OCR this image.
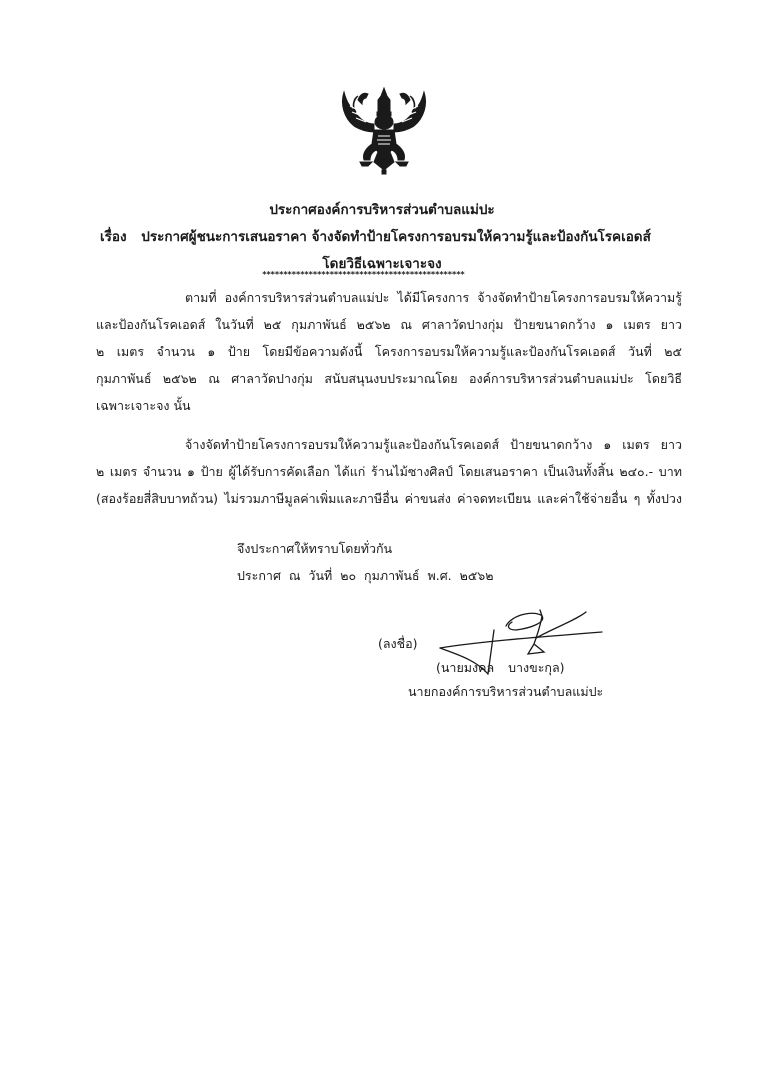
ประกาศองค์การบริหารส่วนตำบลแม่ปะ
เรื่อง ประกาศผู้ชนะการเสนอราคา จ้างจัดทำป้ายโครงการอบรมให้ความรู้และป้องกันโรคเอดส์
โดยวิธีเฉพาะเจาะจง
************************************************
ตามที่ องค์การบริหารส่วนตำบลแม่ปะ ได้มีโครงการ จ้างจัดทำป้ายโครงการอบรมให้ความรู้
และป้องกันโรคเอดส์ ในวันที่ ๒๕ กุมภาพันธ์ ๒๕๖๒ ณ ศาลาวัดปางกุ่ม ป้ายขนาดกว้าง ๑ เมตร ยาว
๒ เมตร จำนวน ๑ ป้าย โดยมีข้อความดังนี้ โครงการอบรมให้ความรู้และป้องกันโรคเอดส์ วันที่ ๒๕
กุมภาพันธ์ ๒๕๖๒ ณ ศาลาวัดปางกุ่ม สนับสนุนงบประมาณโดย องค์การบริหารส่วนตำบลแม่ปะ โดยวิธี
เฉพาะเจาะจง นั้น
จ้างจัดทำป้ายโครงการอบรมให้ความรู้และป้องกันโรคเอดส์ ป้ายขนาดกว้าง ๑ เมตร ยาว
๒ เมตร จำนวน ๑ ป้าย ผู้ได้รับการคัดเลือก ได้แก่ ร้านไม้ซางศิลป์ โดยเสนอราคา เป็นเงินทั้งสิ้น ๒๔๐.- บาท
(สองร้อยสี่สิบบาทถ้วน) ไม่รวมภาษีมูลค่าเพิ่มและภาษีอื่น ค่าขนส่ง ค่าจดทะเบียน และค่าใช้จ่ายอื่น ๆ ทั้งปวง
จึงประกาศให้ทราบโดยทั่วกัน
ประกาศ ณ วันที่ ๒๐ กุมภาพันธ์ พ.ศ. ๒๕๖๒
(ลงชื่อ)
(นายมงคล บางขะกุล)
นายกองค์การบริหารส่วนตำบลแม่ปะ
